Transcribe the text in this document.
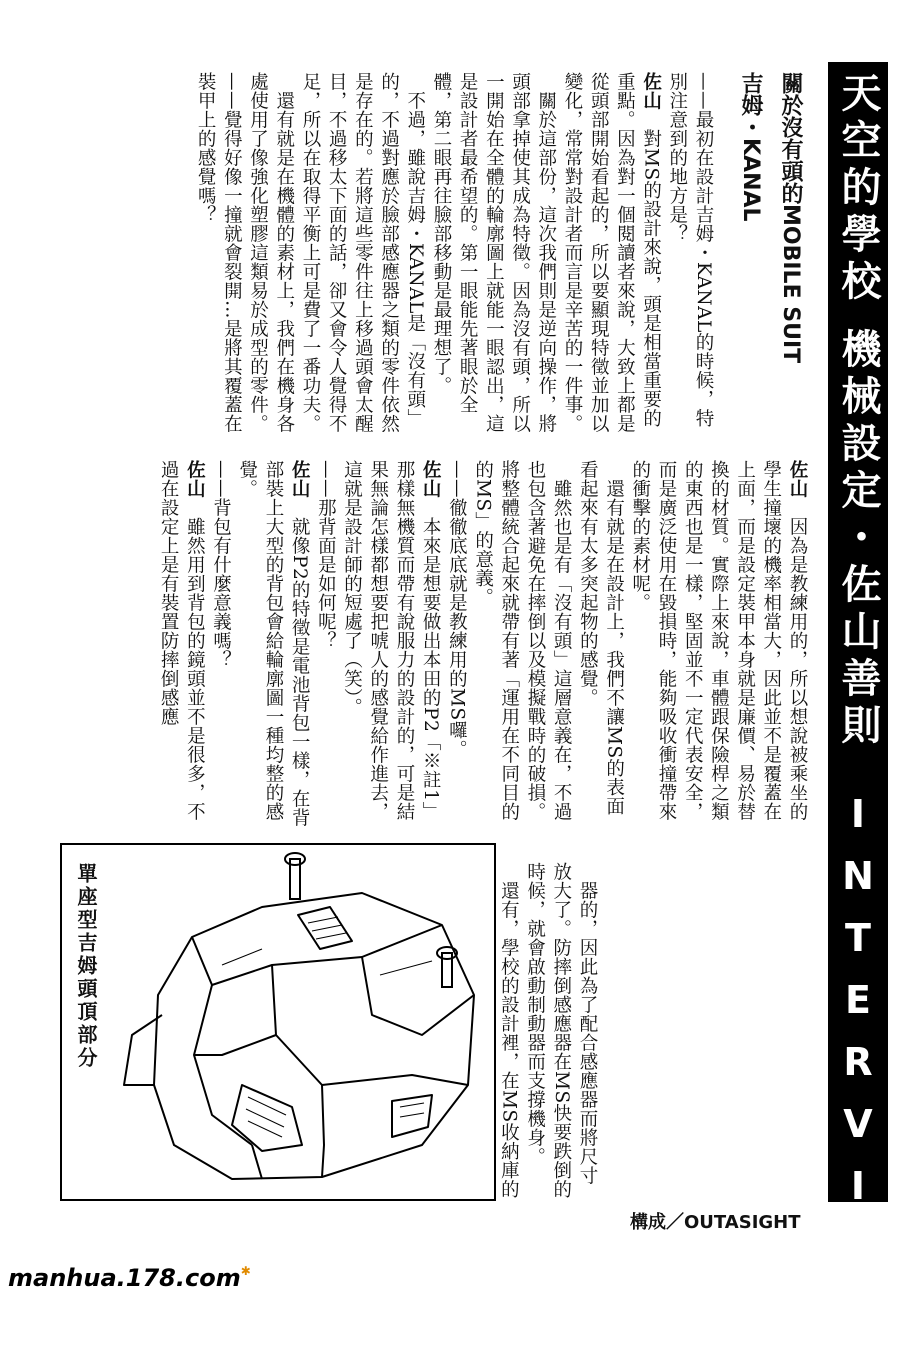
天空的學校 機械設定・佐山善則
I
N
T
E
R
V
I
E
W
關於沒有頭的MOBILE SUIT
吉姆・KANAL

——最初在設計吉姆・KANAL的時候，特別注意到的地方是？

佐山　對MS的設計來說，頭是相當重要的重點。因為對一個閱讀者來說，大致上都是從頭部開始看起的，所以要顯現特徵並加以變化，常常對設計者而言是辛苦的一件事。

　關於這部份，這次我們則是逆向操作，將頭部拿掉使其成為特徵。因為沒有頭，所以一開始在全體的輪廓圖上就能一眼認出，這是設計者最希望的。第一眼能先著眼於全體，第二眼再往臉部移動是最理想了。

　不過，雖說吉姆・KANAL是「沒有頭」的，不過對應於臉部感應器之類的零件依然是存在的。若將這些零件往上移過頭會太醒目，不過移太下面的話，卻又會令人覺得不足，所以在取得平衡上可是費了一番功夫。

　還有就是在機體的素材上，我們在機身各處使用了像強化塑膠這類易於成型的零件。

——覺得好像一撞就會裂開…是將其覆蓋在裝甲上的感覺嗎？

佐山　因為是教練用的，所以想說被乘坐的學生撞壞的機率相當大，因此並不是覆蓋在上面，而是設定裝甲本身就是廉價、易於替換的材質。實際上來說，車體跟保險桿之類的東西也是一樣，堅固並不一定代表安全，而是廣泛使用在毀損時，能夠吸收衝撞帶來的衝擊的素材呢。

　還有就是在設計上，我們不讓MS的表面看起來有太多突起物的感覺。

　雖然也是有「沒有頭」這層意義在，不過也包含著避免在摔倒以及模擬戰時的破損。將整體統合起來就帶有著「運用在不同目的的MS」的意義。

——徹徹底底就是教練用的MS囉。

佐山　本來是想要做出本田的P2「※註1」那樣無機質而帶有說服力的設計的，可是結果無論怎樣都想要把唬人的感覺給作進去，這就是設計師的短處了（笑）。

——那背面是如何呢？

佐山　就像P2的特徵是電池背包一樣，在背部裝上大型的背包會給輪廓圖一種均整的感覺。

——背包有什麼意義嗎？

佐山　雖然用到背包的鏡頭並不是很多，不過在設定上是有裝置防摔倒感應

　器的，因此為了配合感應器而將尺寸放大了。防摔倒感應器在MS快要跌倒的時候，就會啟動制動器而支撐機身。

　還有，學校的設計裡，在MS收納庫的

單座型吉姆頭頂部分
構成／OUTASIGHT
manhua.178.com✱
